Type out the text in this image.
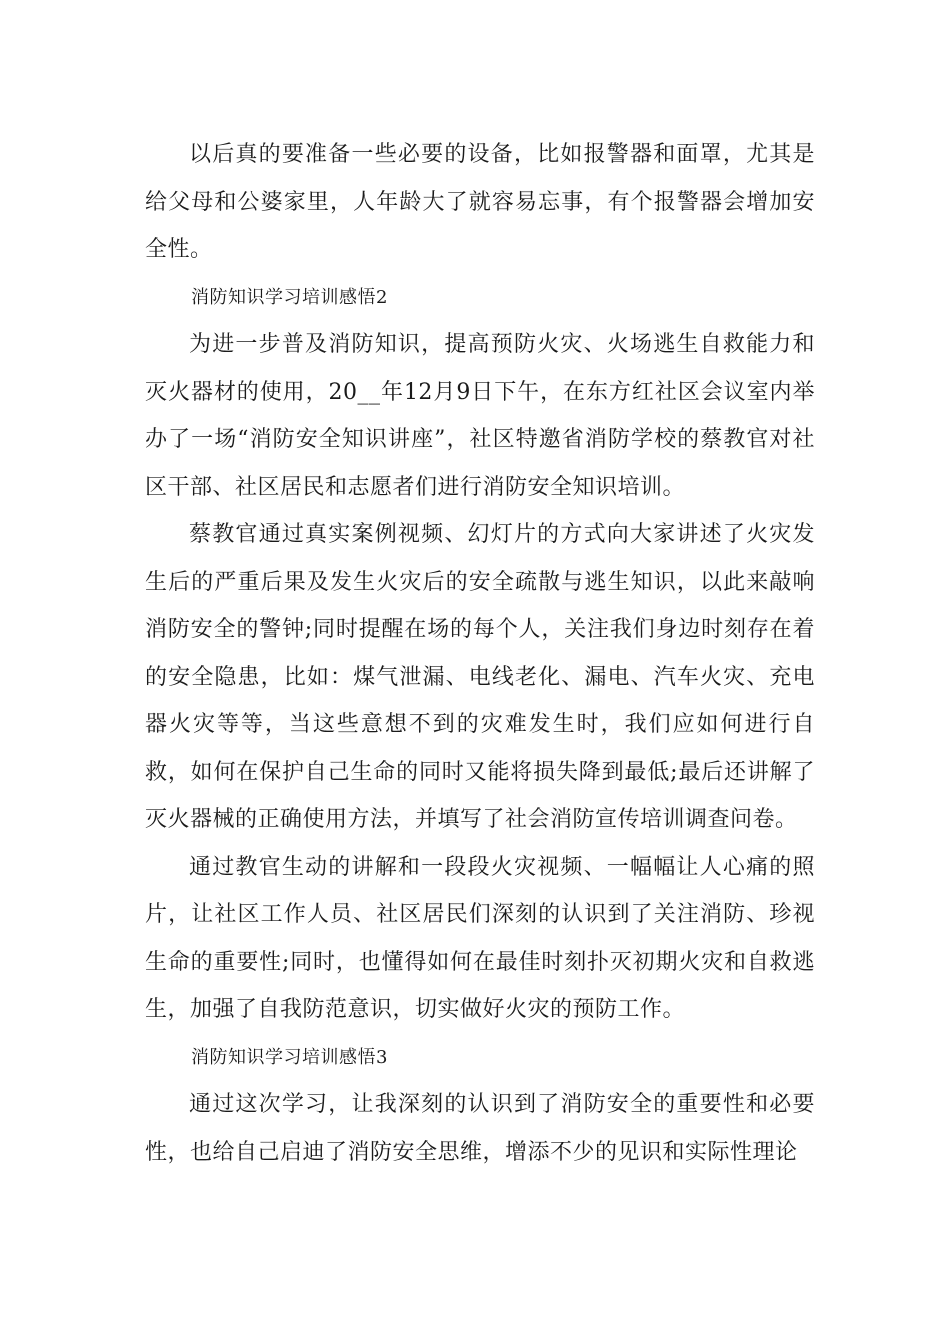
以后真的要准备一些必要的设备，比如报警器和面罩，尤其是给父母和公婆家里，人年龄大了就容易忘事，有个报警器会增加安全性。

消防知识学习培训感悟2

为进一步普及消防知识，提高预防火灾、火场逃生自救能力和灭火器材的使用，20__年12月9日下午，在东方红社区会议室内举办了一场“消防安全知识讲座”，社区特邀省消防学校的蔡教官对社区干部、社区居民和志愿者们进行消防安全知识培训。

蔡教官通过真实案例视频、幻灯片的方式向大家讲述了火灾发生后的严重后果及发生火灾后的安全疏散与逃生知识，以此来敲响消防安全的警钟;同时提醒在场的每个人，关注我们身边时刻存在着的安全隐患，比如：煤气泄漏、电线老化、漏电、汽车火灾、充电器火灾等等，当这些意想不到的灾难发生时，我们应如何进行自救，如何在保护自己生命的同时又能将损失降到最低;最后还讲解了灭火器械的正确使用方法，并填写了社会消防宣传培训调查问卷。

通过教官生动的讲解和一段段火灾视频、一幅幅让人心痛的照片，让社区工作人员、社区居民们深刻的认识到了关注消防、珍视生命的重要性;同时，也懂得如何在最佳时刻扑灭初期火灾和自救逃生，加强了自我防范意识，切实做好火灾的预防工作。

消防知识学习培训感悟3

通过这次学习，让我深刻的认识到了消防安全的重要性和必要性，也给自己启迪了消防安全思维，增添不少的见识和实际性理论
